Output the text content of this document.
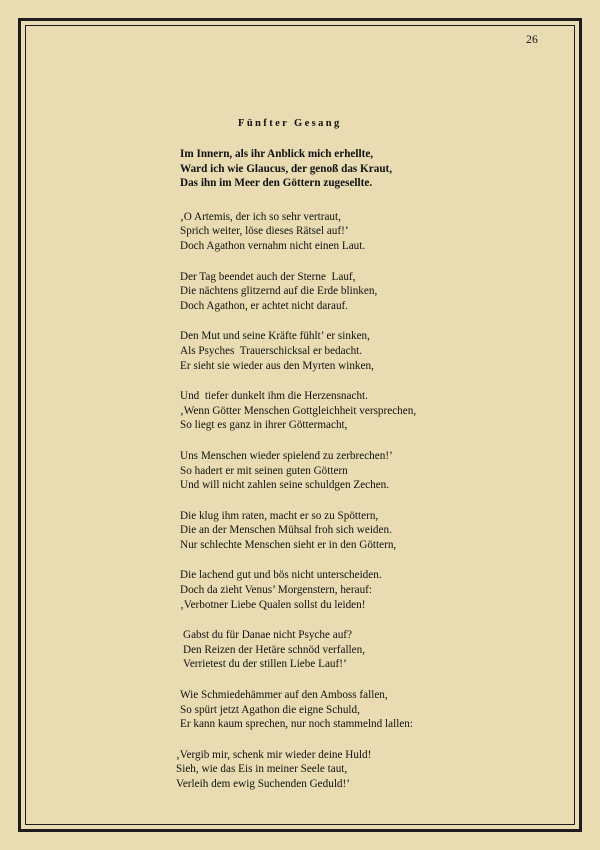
26
Fünfter Gesang
Im Innern, als ihr Anblick mich erhellte,
Ward ich wie Glaucus, der genoß das Kraut,
Das ihn im Meer den Göttern zugesellte.
‚O Artemis, der ich so sehr vertraut,
Sprich weiter, löse dieses Rätsel auf!’
Doch Agathon vernahm nicht einen Laut.
Der Tag beendet auch der Sterne  Lauf,
Die nächtens glitzernd auf die Erde blinken,
Doch Agathon, er achtet nicht darauf.
Den Mut und seine Kräfte fühlt’ er sinken,
Als Psyches  Trauerschicksal er bedacht.
Er sieht sie wieder aus den Myrten winken,
Und  tiefer dunkelt ihm die Herzensnacht.
‚Wenn Götter Menschen Gottgleichheit versprechen,
So liegt es ganz in ihrer Göttermacht,
Uns Menschen wieder spielend zu zerbrechen!’
So hadert er mit seinen guten Göttern
Und will nicht zahlen seine schuldgen Zechen.
Die klug ihm raten, macht er so zu Spöttern,
Die an der Menschen Mühsal froh sich weiden.
Nur schlechte Menschen sieht er in den Göttern,
Die lachend gut und bös nicht unterscheiden.
Doch da zieht Venus’ Morgenstern, herauf:
‚Verbotner Liebe Qualen sollst du leiden!
Gabst du für Danae nicht Psyche auf?
Den Reizen der Hetäre schnöd verfallen,
Verrietest du der stillen Liebe Lauf!’
Wie Schmiedehämmer auf den Amboss fallen,
So spürt jetzt Agathon die eigne Schuld,
Er kann kaum sprechen, nur noch stammelnd lallen:
‚Vergib mir, schenk mir wieder deine Huld!
Sieh, wie das Eis in meiner Seele taut,
Verleih dem ewig Suchenden Geduld!’
